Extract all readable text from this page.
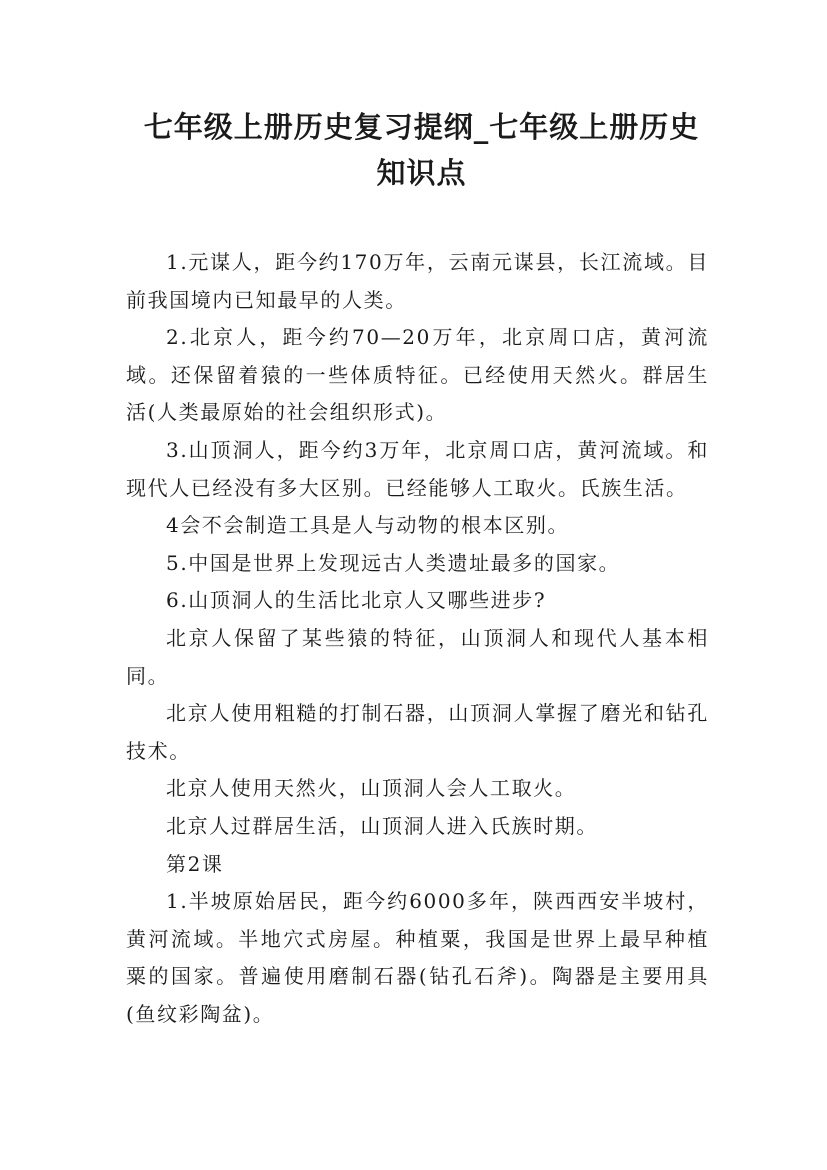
七年级上册历史复习提纲_七年级上册历史知识点

1.元谋人，距今约170万年，云南元谋县，长江流域。目前我国境内已知最早的人类。

2.北京人，距今约70—20万年，北京周口店，黄河流域。还保留着猿的一些体质特征。已经使用天然火。群居生活(人类最原始的社会组织形式)。

3.山顶洞人，距今约3万年，北京周口店，黄河流域。和现代人已经没有多大区别。已经能够人工取火。氏族生活。

4会不会制造工具是人与动物的根本区别。

5.中国是世界上发现远古人类遗址最多的国家。

6.山顶洞人的生活比北京人又哪些进步?

北京人保留了某些猿的特征，山顶洞人和现代人基本相同。

北京人使用粗糙的打制石器，山顶洞人掌握了磨光和钻孔技术。

北京人使用天然火，山顶洞人会人工取火。

北京人过群居生活，山顶洞人进入氏族时期。

第2课

1.半坡原始居民，距今约6000多年，陕西西安半坡村，黄河流域。半地穴式房屋。种植粟，我国是世界上最早种植粟的国家。普遍使用磨制石器(钻孔石斧)。陶器是主要用具(鱼纹彩陶盆)。
